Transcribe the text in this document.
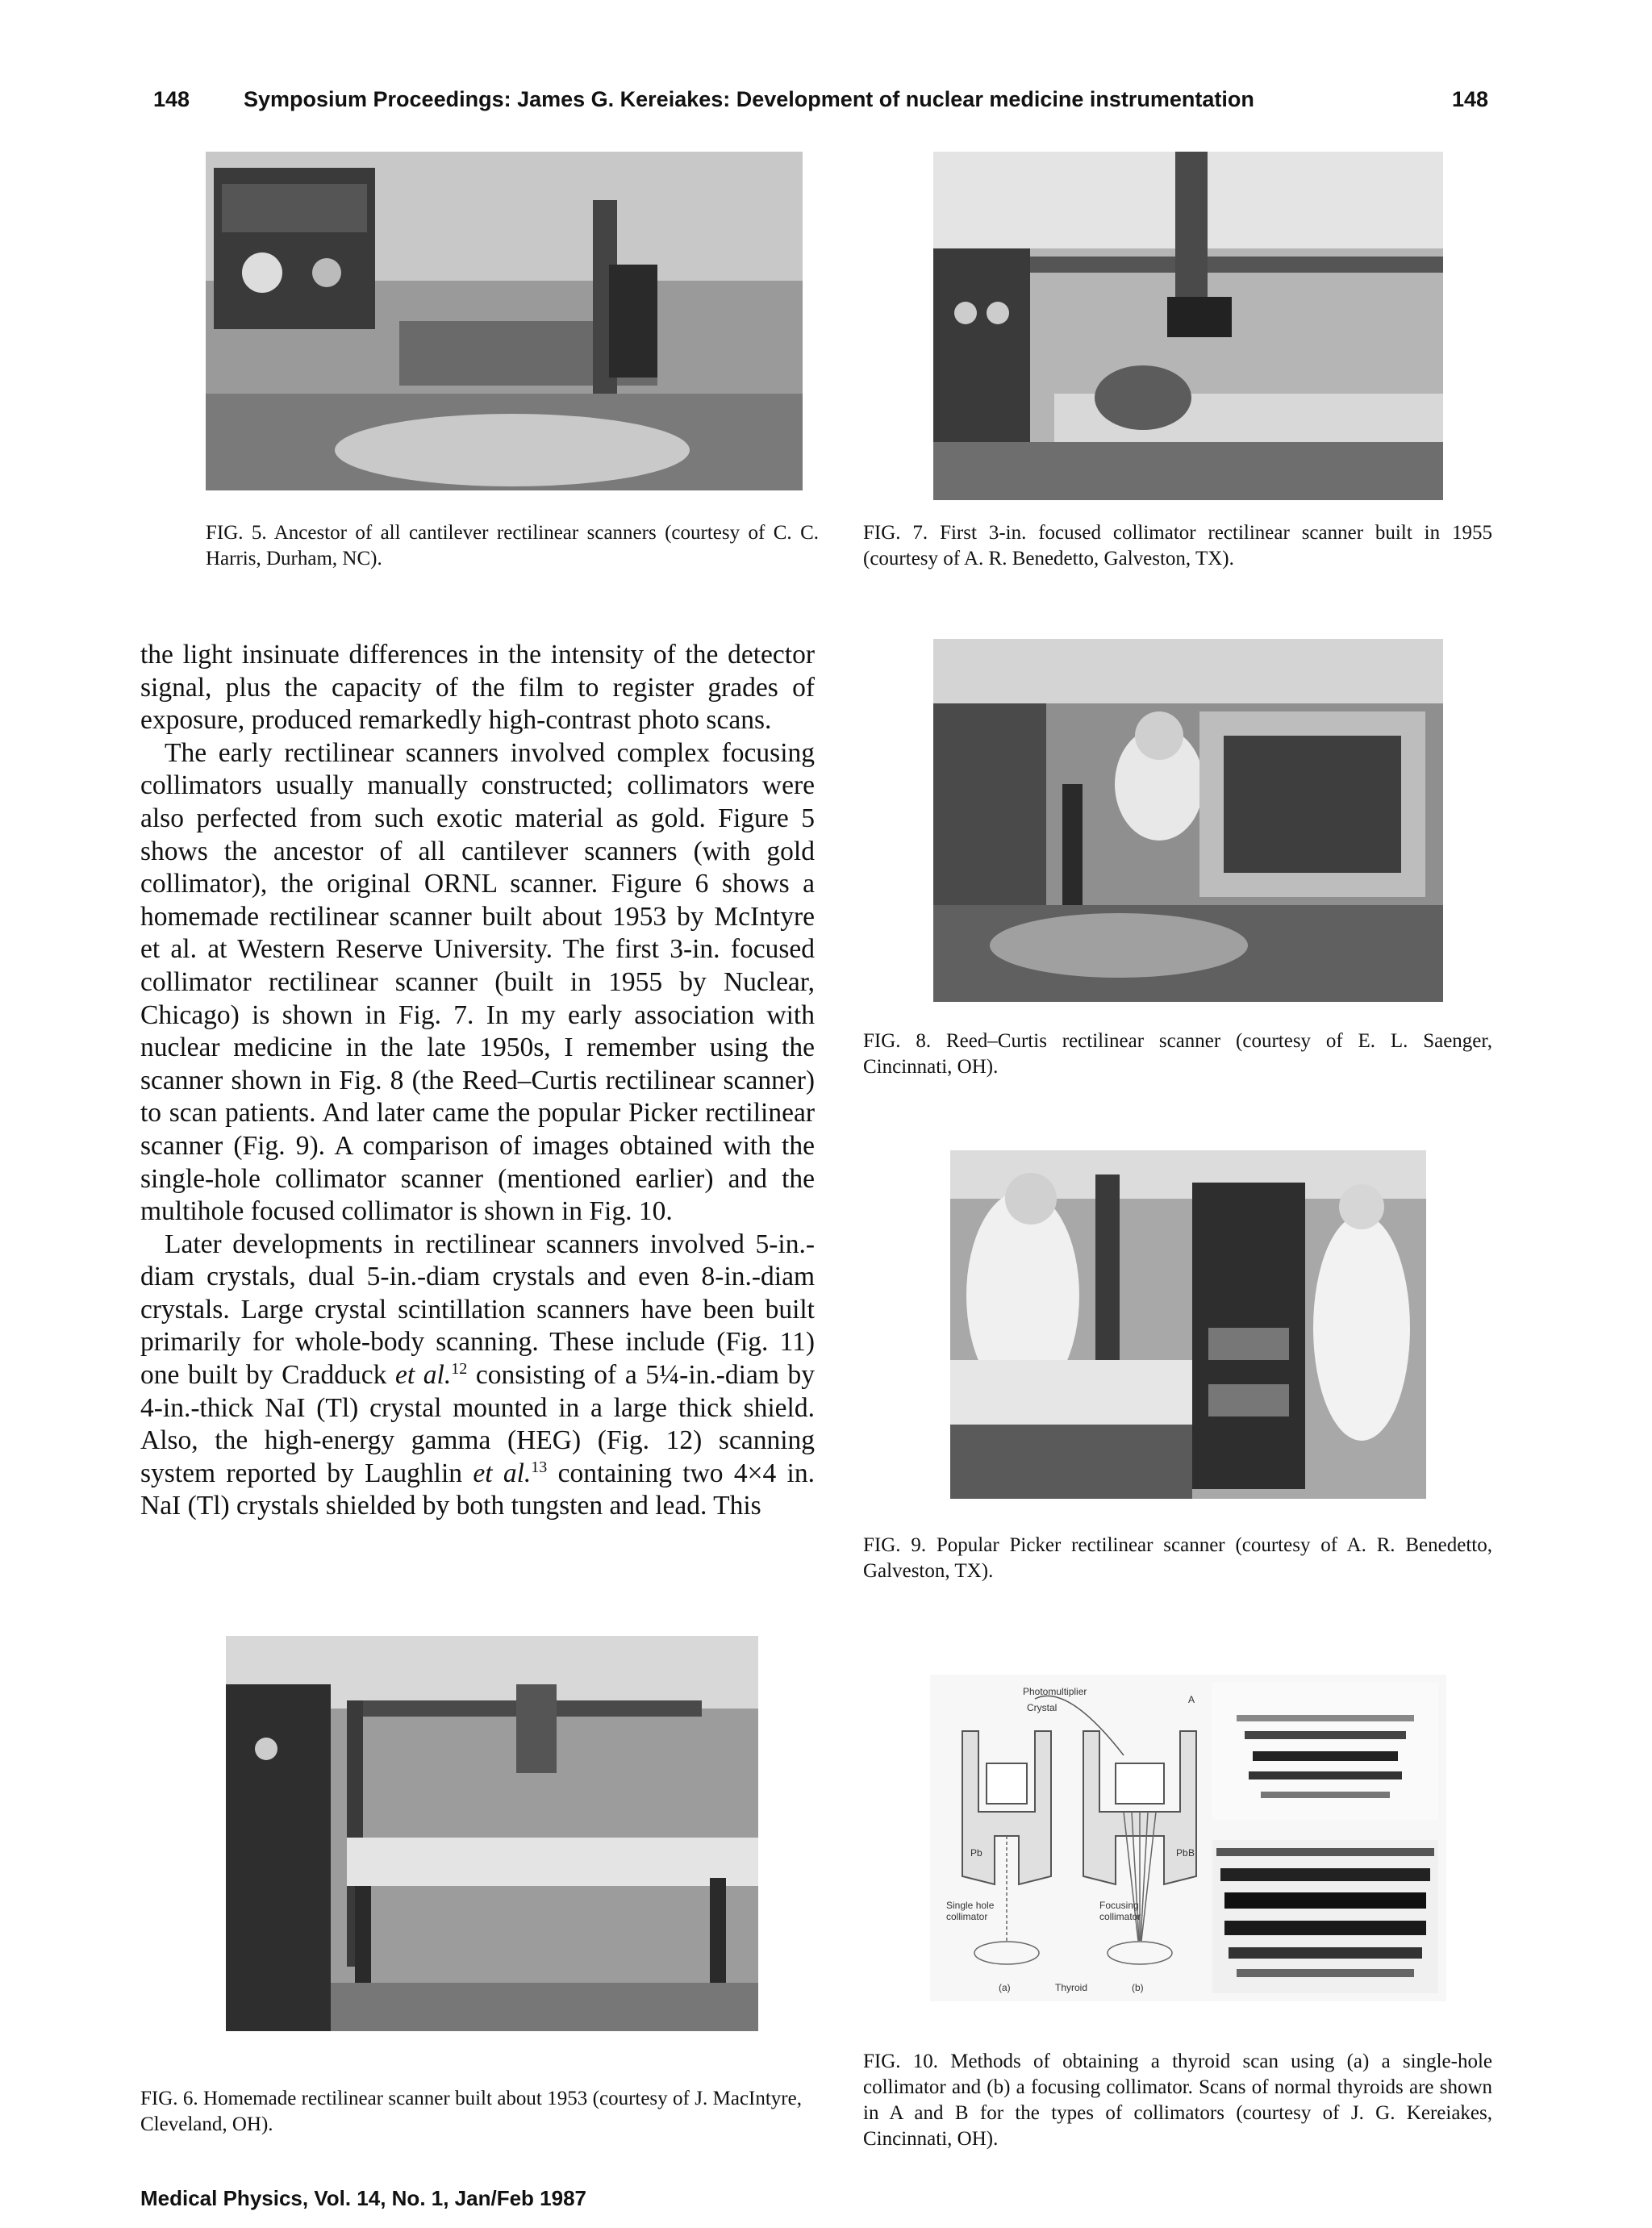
148 Symposium Proceedings: James G. Kereiakes: Development of nuclear medicine instrumentation	148
FIG. 5. Ancestor of all cantilever rectilinear scanners (courtesy of C. C. Harris, Durham, NC).
FIG. 7. First 3-in. focused collimator rectilinear scanner built in 1955 (courtesy of A. R. Benedetto, Galveston, TX).

the light insinuate differences in the intensity of the detector signal, plus the capacity of the film to register grades of exposure, produced remarkedly high-contrast photo scans.

The early rectilinear scanners involved complex focusing collimators usually manually constructed; collimators were also perfected from such exotic material as gold. Figure 5 shows the ancestor of all cantilever scanners (with gold collimator), the original ORNL scanner. Figure 6 shows a homemade rectilinear scanner built about 1953 by McIntyre et al. at Western Reserve University. The first 3-in. focused collimator rectilinear scanner (built in 1955 by Nuclear, Chicago) is shown in Fig. 7. In my early association with nuclear medicine in the late 1950s, I remember using the scanner shown in Fig. 8 (the Reed–Curtis rectilinear scanner) to scan patients. And later came the popular Picker rectilinear scanner (Fig. 9). A comparison of images obtained with the single-hole collimator scanner (mentioned earlier) and the multihole focused collimator is shown in Fig. 10.

Later developments in rectilinear scanners involved 5-in.-diam crystals, dual 5-in.-diam crystals and even 8-in.-diam crystals. Large crystal scintillation scanners have been built primarily for whole-body scanning. These include (Fig. 11) one built by Cradduck et al.$^{12}$ consisting of a 5¼-in.-diam by 4-in.-thick NaI (Tl) crystal mounted in a large thick shield. Also, the high-energy gamma (HEG) (Fig. 12) scanning system reported by Laughlin et al.$^{13}$ containing two 4×4 in. NaI (Tl) crystals shielded by both tungsten and lead. This

FIG. 8. Reed–Curtis rectilinear scanner (courtesy of E. L. Saenger, Cincinnati, OH).
FIG. 9. Popular Picker rectilinear scanner (courtesy of A. R. Benedetto, Galveston, TX).
Photomultiplier
Crystal
Pb	Pb
Single hole
collimator
Focusing
collimator
(a)	Thyroid	(b)
A
B
FIG. 10. Methods of obtaining a thyroid scan using (a) a single-hole collimator and (b) a focusing collimator. Scans of normal thyroids are shown in A and B for the types of collimators (courtesy of J. G. Kereiakes, Cincinnati, OH).
FIG. 6. Homemade rectilinear scanner built about 1953 (courtesy of J. MacIntyre, Cleveland, OH).
Medical Physics, Vol. 14, No. 1, Jan/Feb 1987
